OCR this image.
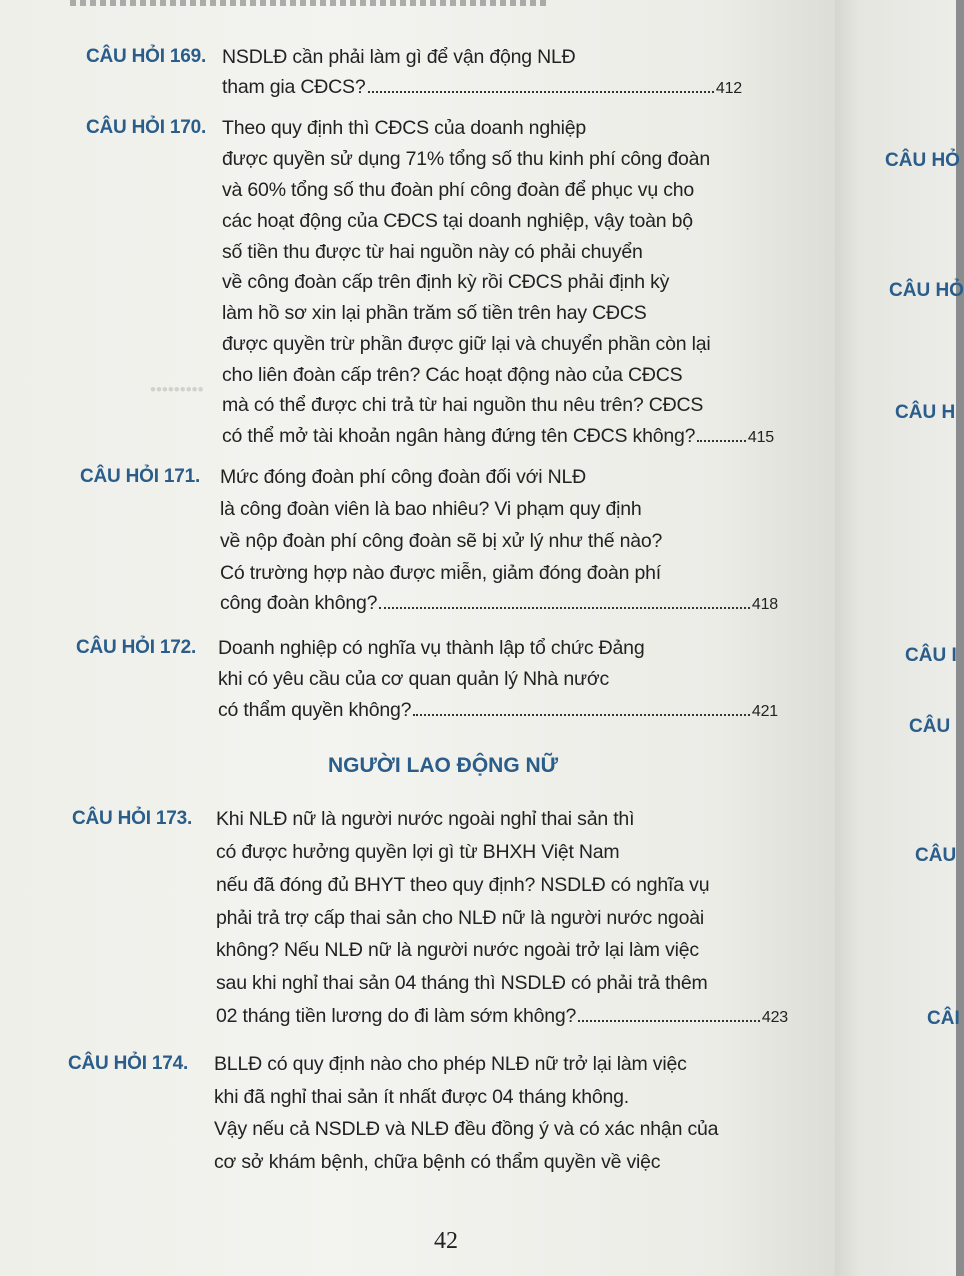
•••••••••
CÂU HỎI 169. NSDLĐ cần phải làm gì để vận động NLĐ
tham gia CĐCS?	412
CÂU HỎI 170. Theo quy định thì CĐCS của doanh nghiệp
được quyền sử dụng 71% tổng số thu kinh phí công đoàn
và 60% tổng số thu đoàn phí công đoàn để phục vụ cho
các hoạt động của CĐCS tại doanh nghiệp, vậy toàn bộ
số tiền thu được từ hai nguồn này có phải chuyển
về công đoàn cấp trên định kỳ rồi CĐCS phải định kỳ
làm hồ sơ xin lại phần trăm số tiền trên hay CĐCS
được quyền trừ phần được giữ lại và chuyển phần còn lại
cho liên đoàn cấp trên? Các hoạt động nào của CĐCS
mà có thể được chi trả từ hai nguồn thu nêu trên? CĐCS
có thể mở tài khoản ngân hàng đứng tên CĐCS không?	415
CÂU HỎI 171. Mức đóng đoàn phí công đoàn đối với NLĐ
là công đoàn viên là bao nhiêu? Vi phạm quy định
về nộp đoàn phí công đoàn sẽ bị xử lý như thế nào?
Có trường hợp nào được miễn, giảm đóng đoàn phí
công đoàn không?	418
CÂU HỎI 172. Doanh nghiệp có nghĩa vụ thành lập tổ chức Đảng
khi có yêu cầu của cơ quan quản lý Nhà nước
có thẩm quyền không?	421
NGƯỜI LAO ĐỘNG NỮ
CÂU HỎI 173. Khi NLĐ nữ là người nước ngoài nghỉ thai sản thì
có được hưởng quyền lợi gì từ BHXH Việt Nam
nếu đã đóng đủ BHYT theo quy định? NSDLĐ có nghĩa vụ
phải trả trợ cấp thai sản cho NLĐ nữ là người nước ngoài
không? Nếu NLĐ nữ là người nước ngoài trở lại làm việc
sau khi nghỉ thai sản 04 tháng thì NSDLĐ có phải trả thêm
02 tháng tiền lương do đi làm sớm không?	423
CÂU HỎI 174. BLLĐ có quy định nào cho phép NLĐ nữ trở lại làm việc
khi đã nghỉ thai sản ít nhất được 04 tháng không.
Vậy nếu cả NSDLĐ và NLĐ đều đồng ý và có xác nhận của
cơ sở khám bệnh, chữa bệnh có thẩm quyền về việc
42
CÂU HỎ
CÂU HỎ
CÂU H
CÂU I
CÂU
CÂU
CÂI
